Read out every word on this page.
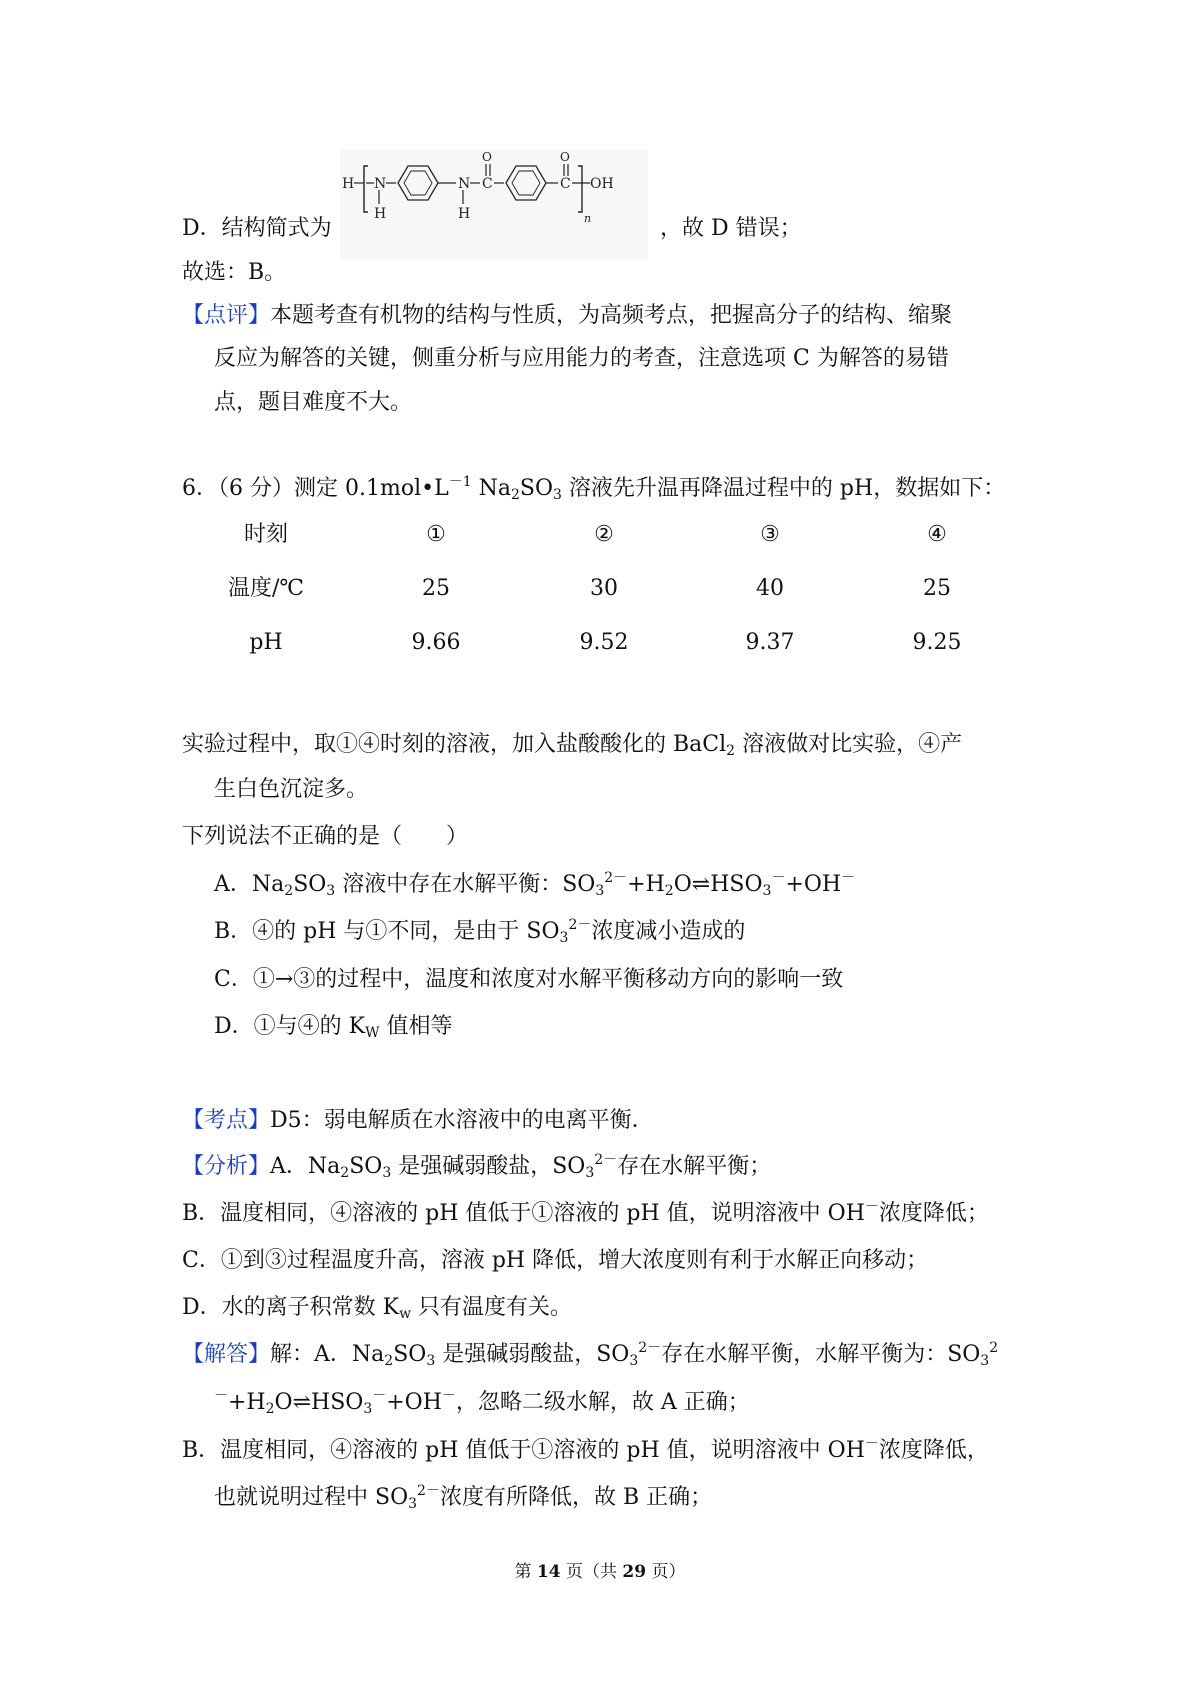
H N
H
N
H
C
O
C
O
OH
n
D．结构简式为	，故 D 错误；
故选：B。
【点评】本题考查有机物的结构与性质，为高频考点，把握高分子的结构、缩聚
反应为解答的关键，侧重分析与应用能力的考查，注意选项 C 为解答的易错
点，题目难度不大。
6．（6 分）测定 $0.1mol•L^{-1}$ $Na_2SO_3$ 溶液先升温再降温过程中的 pH，数据如下：
时刻	①	②	③	④
温度/℃	25	30	40	25
pH	9.66	9.52	9.37	9.25
实验过程中，取①④时刻的溶液，加入盐酸酸化的 BaCl$_2$ 溶液做对比实验，④产
生白色沉淀多。
下列说法不正确的是（　　）
A．$Na_2SO_3$ 溶液中存在水解平衡：$SO_3^{2-}+H_2O\rightleftharpoons HSO_3^-+OH^-$
B．④的 pH 与①不同，是由于 $SO_3^{2-}$浓度减小造成的
C．①→③的过程中，温度和浓度对水解平衡移动方向的影响一致
D．①与④的 $K_W$ 值相等
【考点】D5：弱电解质在水溶液中的电离平衡．
【分析】A．$Na_2SO_3$ 是强碱弱酸盐，$SO_3^{2-}$存在水解平衡；
B．温度相同，④溶液的 pH 值低于①溶液的 pH 值，说明溶液中 OH－浓度降低；
C．①到③过程温度升高，溶液 pH 降低，增大浓度则有利于水解正向移动；
D．水的离子积常数 $K_w$ 只有温度有关。
【解答】解：A．$Na_2SO_3$ 是强碱弱酸盐，$SO_3^{2-}$存在水解平衡，水解平衡为：$SO_3^2$
$^-+H_2O\rightleftharpoons HSO_3^-+OH^-$，忽略二级水解，故 A 正确；
B．温度相同，④溶液的 pH 值低于①溶液的 pH 值，说明溶液中 OH－浓度降低，
也就说明过程中 $SO_3^{2-}$浓度有所降低，故 B 正确；
第 14 页（共 29 页）
